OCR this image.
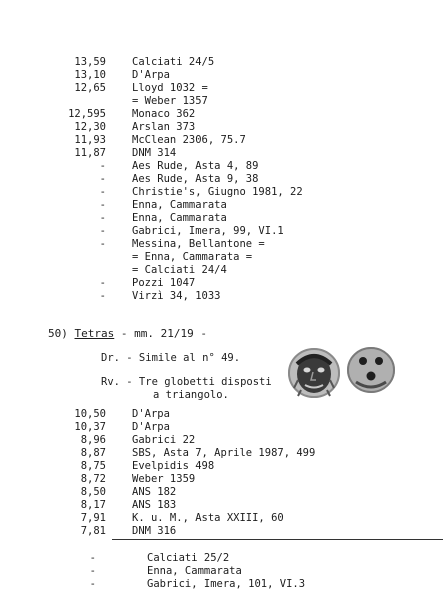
13,59 Calciati 24/5
13,10 D'Arpa
12,65 Lloyd 1032 =
= Weber 1357
12,595 Monaco 362
12,30 Arslan 373
11,93 McClean 2306, 75.7
11,87 DNM 314
- Aes Rude, Asta 4, 89
- Aes Rude, Asta 9, 38
- Christie's, Giugno 1981, 22
- Enna, Cammarata
- Enna, Cammarata
- Gabrici, Imera, 99, VI.1
- Messina, Bellantone =
= Enna, Cammarata =
= Calciati 24/4
- Pozzi 1047
- Virzì 34, 1033
50) Tetras - mm. 21/19 -
Dr. - Simile al n° 49.
Rv. - Tre globetti disposti
a triangolo.
10,50 D'Arpa
10,37 D'Arpa
8,96 Gabrici 22
8,87 SBS, Asta 7, Aprile 1987, 499
8,75 Evelpidis 498
8,72 Weber 1359
8,50 ANS 182
8,17 ANS 183
7,91 K. u. M., Asta XXIII, 60
7,81 DNM 316
-	Calciati 25/2
-	Enna, Cammarata
-	Gabrici, Imera, 101, VI.3
